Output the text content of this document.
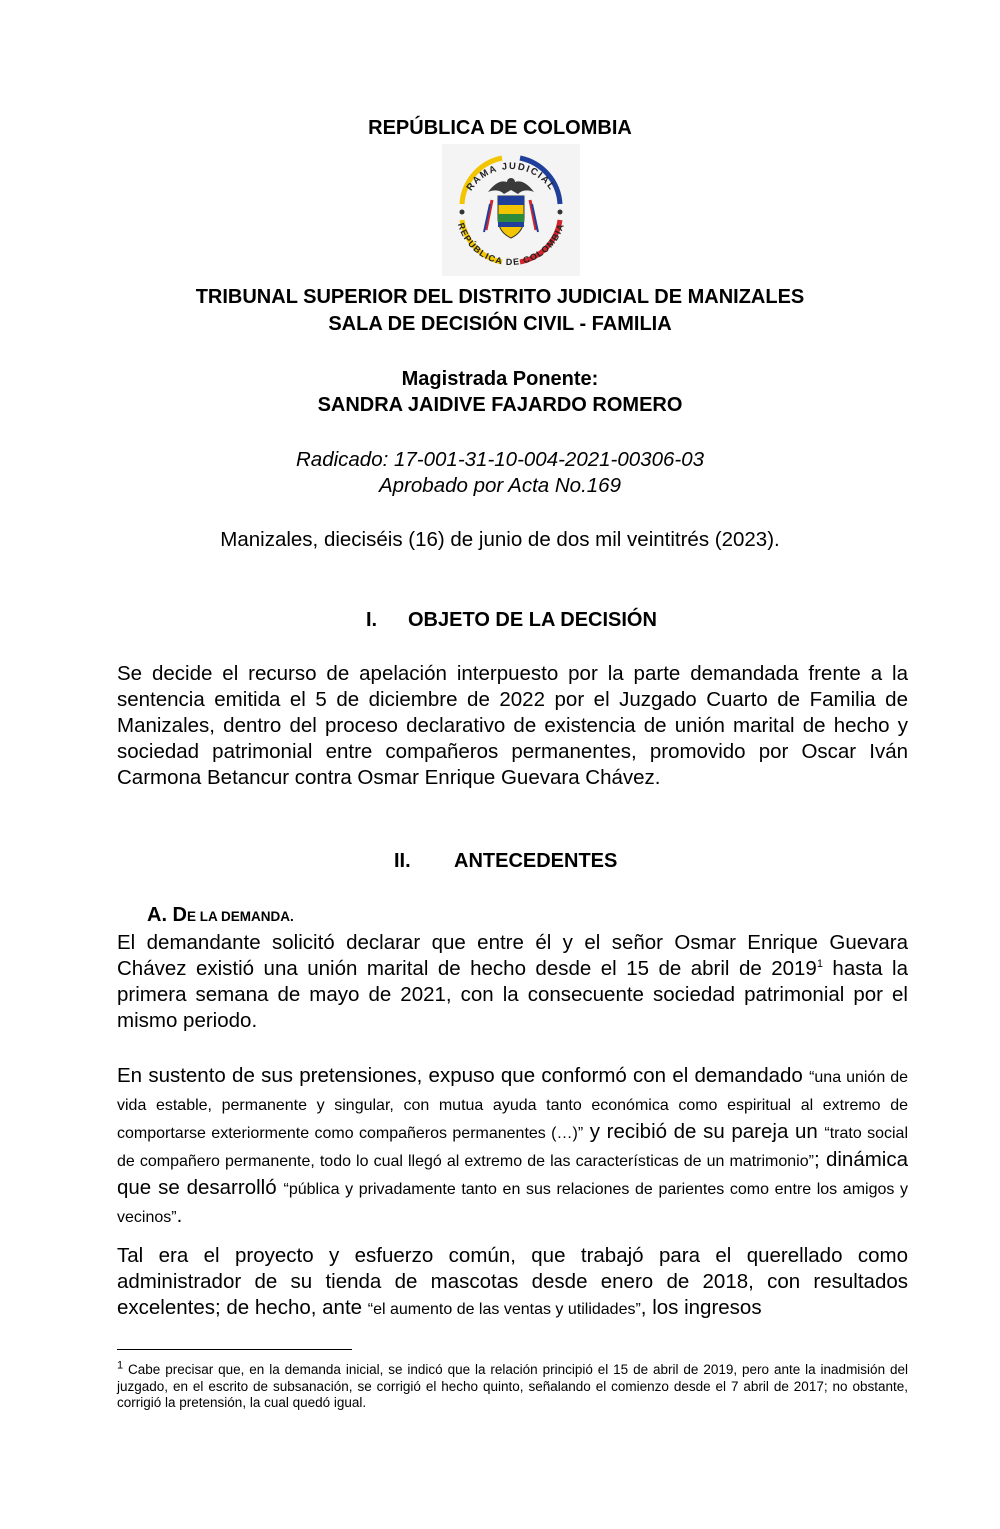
REPÚBLICA DE COLOMBIA
RAMA JUDICIAL
REPÚBLICA DE COLOMBIA
TRIBUNAL SUPERIOR DEL DISTRITO JUDICIAL DE MANIZALES
SALA DE DECISIÓN CIVIL - FAMILIA
Magistrada Ponente:
SANDRA JAIDIVE FAJARDO ROMERO
Radicado: 17-001-31-10-004-2021-00306-03
Aprobado por Acta No.169
Manizales, dieciséis (16) de junio de dos mil veintitrés (2023).
I. OBJETO DE LA DECISIÓN
Se decide el recurso de apelación interpuesto por la parte demandada frente a la sentencia emitida el 5 de diciembre de 2022 por el Juzgado Cuarto de Familia de Manizales, dentro del proceso declarativo de existencia de unión marital de hecho y sociedad patrimonial entre compañeros permanentes, promovido por Oscar Iván Carmona Betancur contra Osmar Enrique Guevara Chávez.
II. ANTECEDENTES
A. DE LA DEMANDA.
El demandante solicitó declarar que entre él y el señor Osmar Enrique Guevara Chávez existió una unión marital de hecho desde el 15 de abril de 2019$^1$ hasta la primera semana de mayo de 2021, con la consecuente sociedad patrimonial por el mismo periodo.
En sustento de sus pretensiones, expuso que conformó con el demandado “una unión de vida estable, permanente y singular, con mutua ayuda tanto económica como espiritual al extremo de comportarse exteriormente como compañeros permanentes (…)” y recibió de su pareja un “trato social de compañero permanente, todo lo cual llegó al extremo de las características de un matrimonio”; dinámica que se desarrolló “pública y privadamente tanto en sus relaciones de parientes como entre los amigos y vecinos”.
Tal era el proyecto y esfuerzo común, que trabajó para el querellado como administrador de su tienda de mascotas desde enero de 2018, con resultados excelentes; de hecho, ante “el aumento de las ventas y utilidades”, los ingresos
$^1$ Cabe precisar que, en la demanda inicial, se indicó que la relación principió el 15 de abril de 2019, pero ante la inadmisión del juzgado, en el escrito de subsanación, se corrigió el hecho quinto, señalando el comienzo desde el 7 abril de 2017; no obstante, corrigió la pretensión, la cual quedó igual.
